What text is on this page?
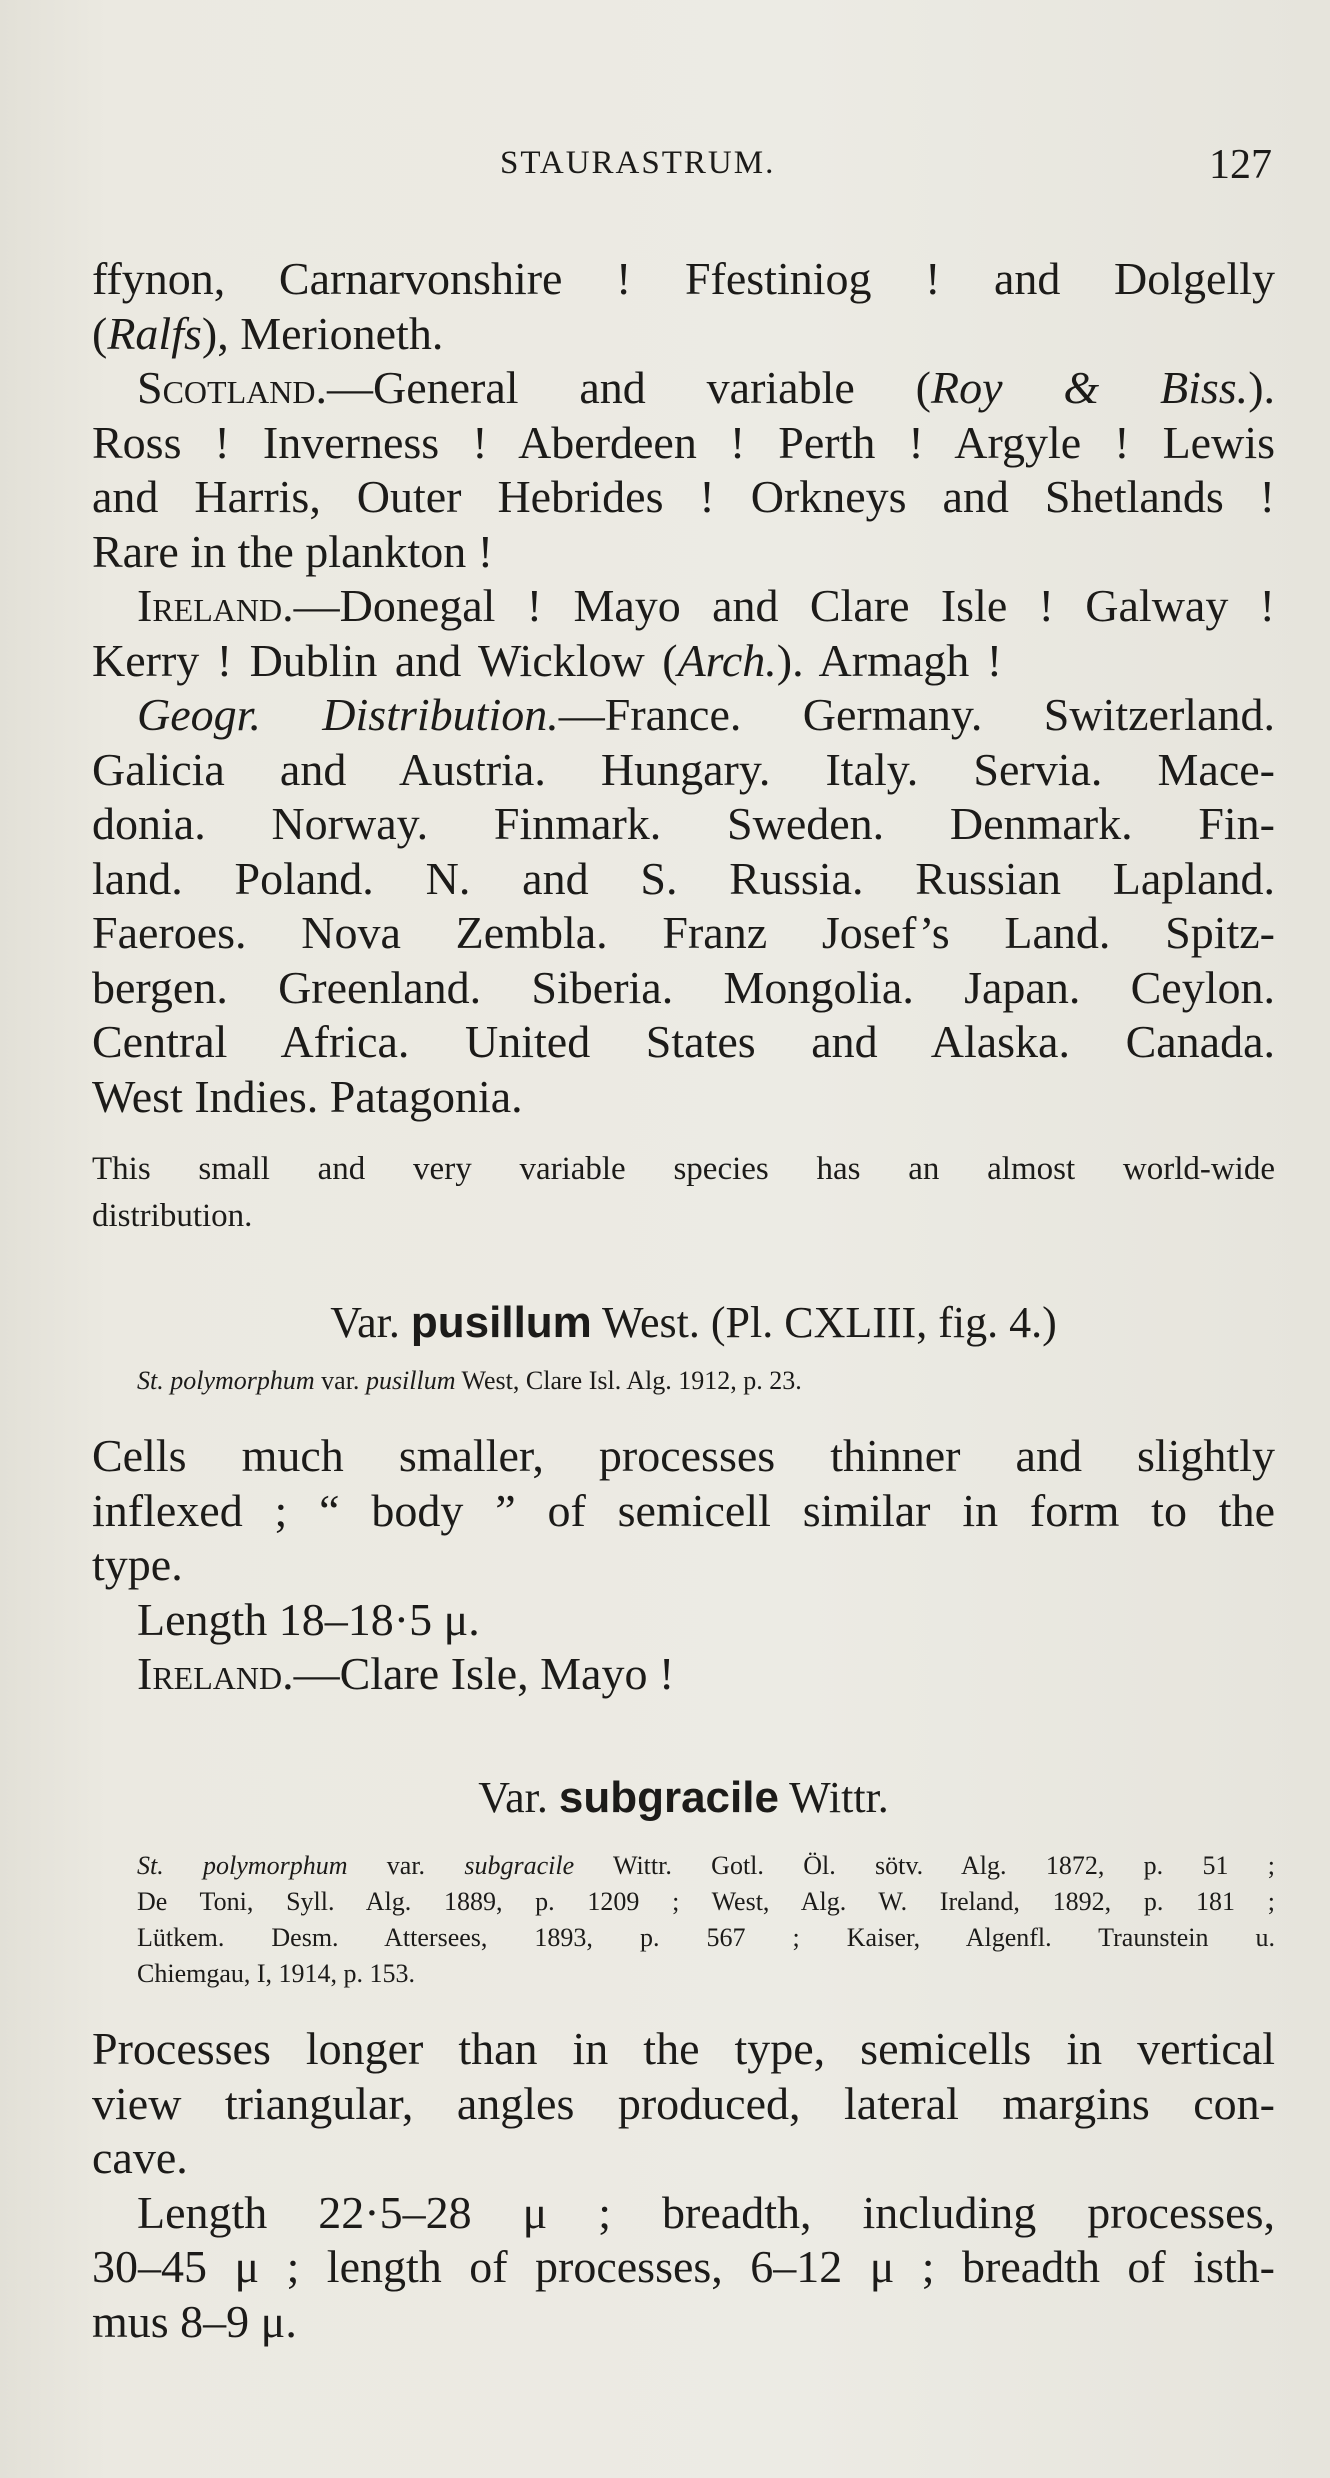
STAURASTRUM.	127

ffynon, Carnarvonshire ! Ffestiniog ! and Dolgelly

(Ralfs), Merioneth.

Scotland.—General and variable (Roy & Biss.).

Ross ! Inverness ! Aberdeen ! Perth ! Argyle ! Lewis

and Harris, Outer Hebrides ! Orkneys and Shetlands !

Rare in the plankton !

Ireland.—Donegal ! Mayo and Clare Isle ! Galway !

Kerry ! Dublin and Wicklow (Arch.). Armagh !

Geogr. Distribution.—France. Germany. Switzerland.

Galicia and Austria. Hungary. Italy. Servia. Mace-

donia. Norway. Finmark. Sweden. Denmark. Fin-

land. Poland. N. and S. Russia. Russian Lapland.

Faeroes. Nova Zembla. Franz Josef’s Land. Spitz-

bergen. Greenland. Siberia. Mongolia. Japan. Ceylon.

Central Africa. United States and Alaska. Canada.

West Indies. Patagonia.

This small and very variable species has an almost world-wide

distribution.

Var. pusillum West. (Pl. CXLIII, fig. 4.)

St. polymorphum var. pusillum West, Clare Isl. Alg. 1912, p. 23.

Cells much smaller, processes thinner and slightly

inflexed ; “ body ” of semicell similar in form to the

type.

Length 18–18·5 μ.

Ireland.—Clare Isle, Mayo !

Var. subgracile Wittr.

St. polymorphum var. subgracile Wittr. Gotl. Öl. sötv. Alg. 1872, p. 51 ;

De Toni, Syll. Alg. 1889, p. 1209 ; West, Alg. W. Ireland, 1892, p. 181 ;

Lütkem. Desm. Attersees, 1893, p. 567 ; Kaiser, Algenfl. Traunstein u.

Chiemgau, I, 1914, p. 153.

Processes longer than in the type, semicells in vertical

view triangular, angles produced, lateral margins con-

cave.

Length 22·5–28 μ ; breadth, including processes,

30–45 μ ; length of processes, 6–12 μ ; breadth of isth-

mus 8–9 μ.
